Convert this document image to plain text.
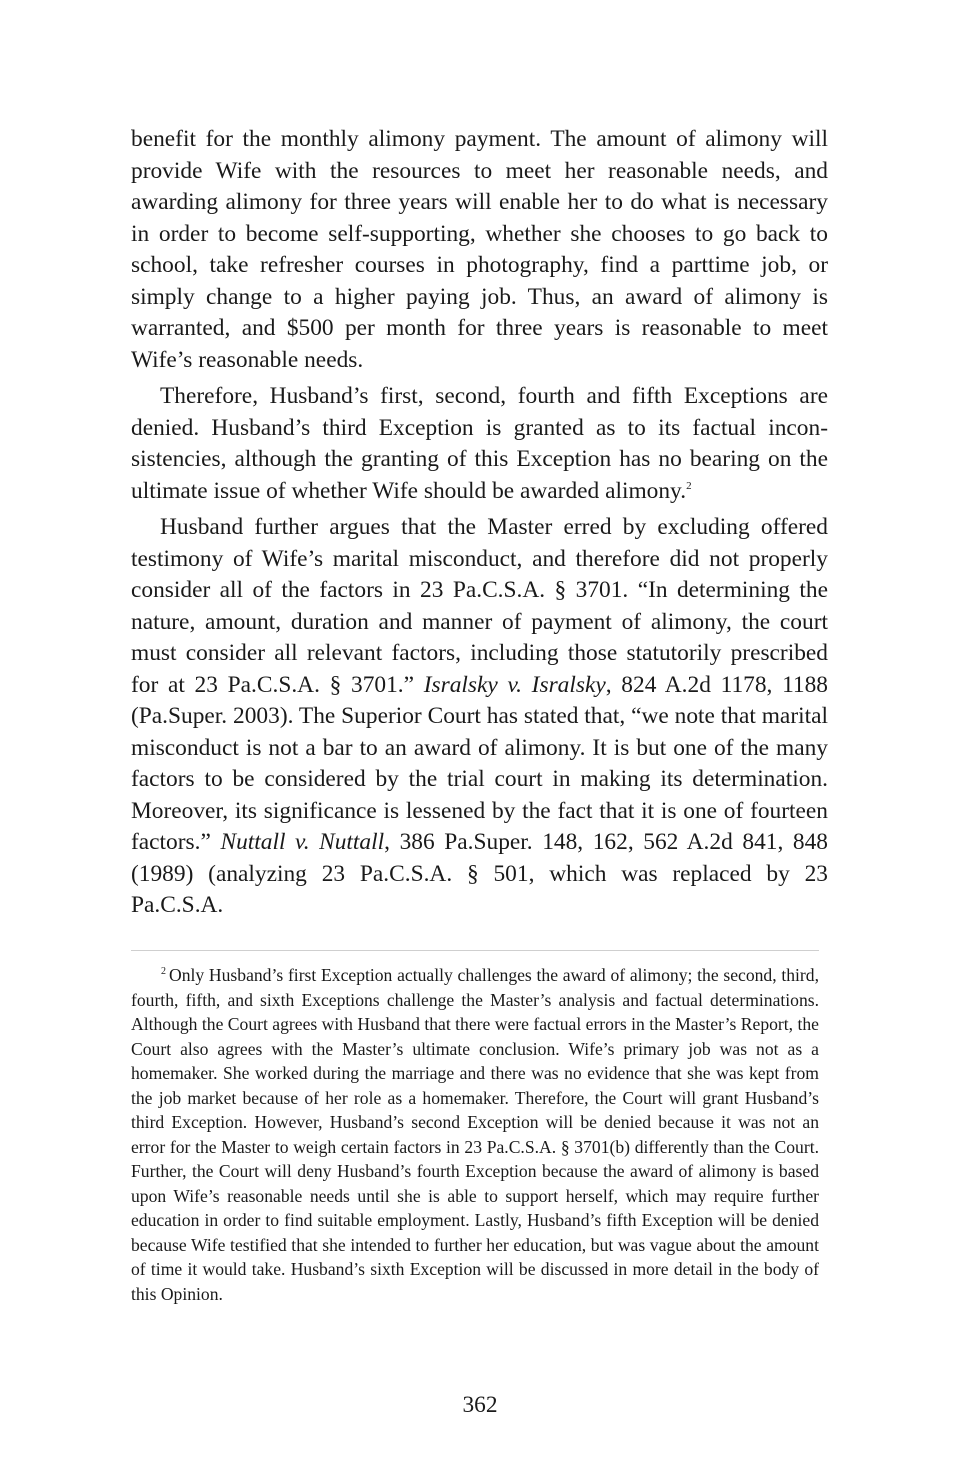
benefit for the monthly alimony payment. The amount of alimony will provide Wife with the resources to meet her reasonable needs, and awarding alimony for three years will enable her to do what is necessary in order to become self-supporting, whether she chooses to go back to school, take refresher courses in photography, find a parttime job, or simply change to a higher paying job. Thus, an award of alimony is warranted, and $500 per month for three years is reasonable to meet Wife’s reasonable needs.

Therefore, Husband’s first, second, fourth and fifth Exceptions are denied. Husband’s third Exception is granted as to its factual inconsistencies, although the granting of this Exception has no bearing on the ultimate issue of whether Wife should be awarded alimony.$^2$

Husband further argues that the Master erred by excluding offered testimony of Wife’s marital misconduct, and therefore did not properly consider all of the factors in 23 Pa.C.S.A. § 3701. “In determining the nature, amount, duration and manner of payment of alimony, the court must consider all relevant factors, including those statutorily prescribed for at 23 Pa.C.S.A. § 3701.” Isralsky v. Isralsky, 824 A.2d 1178, 1188 (Pa.Super. 2003). The Superior Court has stated that, “we note that marital misconduct is not a bar to an award of alimony. It is but one of the many factors to be considered by the trial court in making its determination. Moreover, its significance is lessened by the fact that it is one of fourteen factors.” Nuttall v. Nuttall, 386 Pa.Super. 148, 162, 562 A.2d 841, 848 (1989) (analyzing 23 Pa.C.S.A. § 501, which was replaced by 23 Pa.C.S.A.

$^2$ Only Husband’s first Exception actually challenges the award of alimony; the second, third, fourth, fifth, and sixth Exceptions challenge the Master’s analysis and factual determinations. Although the Court agrees with Husband that there were factual errors in the Master’s Report, the Court also agrees with the Master’s ultimate conclusion. Wife’s primary job was not as a homemaker. She worked during the marriage and there was no evidence that she was kept from the job market because of her role as a homemaker. Therefore, the Court will grant Husband’s third Exception. However, Husband’s second Exception will be denied because it was not an error for the Master to weigh certain factors in 23 Pa.C.S.A. § 3701(b) differently than the Court. Further, the Court will deny Husband’s fourth Exception because the award of alimony is based upon Wife’s reasonable needs until she is able to support herself, which may require further education in order to find suitable employment. Lastly, Husband’s fifth Exception will be denied because Wife testified that she intended to further her education, but was vague about the amount of time it would take. Husband’s sixth Exception will be discussed in more detail in the body of this Opinion.
362
